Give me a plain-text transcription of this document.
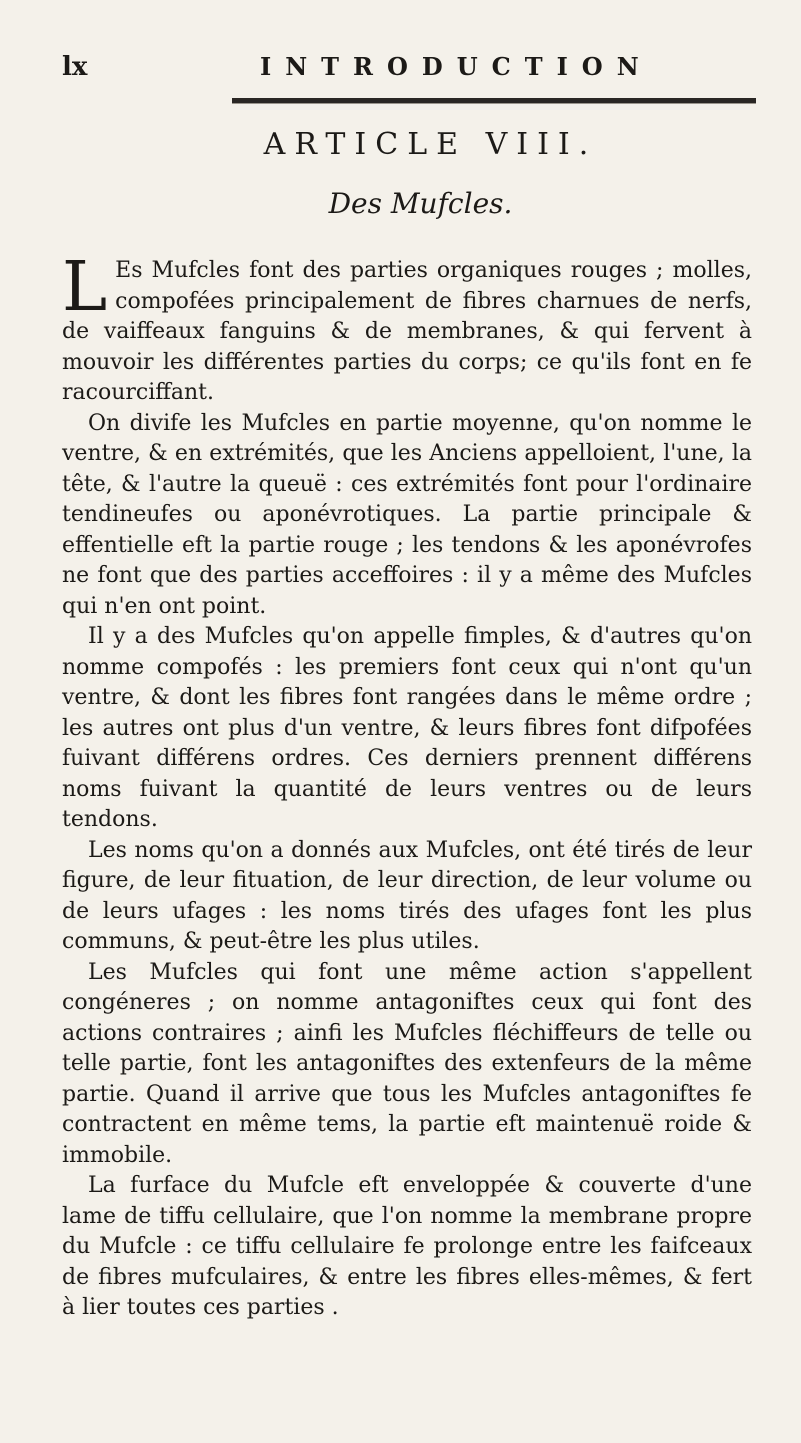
lx	INTRODUCTION
ARTICLE VIII.
Des Mufcles.

L Es Mufcles font des parties organiques rouges ; molles, compofées principalement de fibres charnues de nerfs, de vaiffeaux fanguins & de membranes, & qui fervent à mouvoir les différentes parties du corps; ce qu'ils font en fe racourciffant.

On divife les Mufcles en partie moyenne, qu'on nomme le ventre, & en extrémités, que les Anciens appelloient, l'une, la tête, & l'autre la queuë : ces extrémités font pour l'ordinaire tendineufes ou aponévrotiques. La partie principale & effentielle eft la partie rouge ; les tendons & les aponévrofes ne font que des parties acceffoires : il y a même des Mufcles qui n'en ont point.

Il y a des Mufcles qu'on appelle fimples, & d'autres qu'on nomme compofés : les premiers font ceux qui n'ont qu'un ventre, & dont les fibres font rangées dans le même ordre ; les autres ont plus d'un ventre, & leurs fibres font difpofées fuivant différens ordres. Ces derniers prennent différens noms fuivant la quantité de leurs ventres ou de leurs tendons.

Les noms qu'on a donnés aux Mufcles, ont été tirés de leur figure, de leur fituation, de leur direction, de leur volume ou de leurs ufages : les noms tirés des ufages font les plus communs, & peut-être les plus utiles.

Les Mufcles qui font une même action s'appellent congéneres ; on nomme antagoniftes ceux qui font des actions contraires ; ainfi les Mufcles fléchiffeurs de telle ou telle partie, font les antagoniftes des extenfeurs de la même partie. Quand il arrive que tous les Mufcles antagoniftes fe contractent en même tems, la partie eft maintenuë roide & immobile.

La furface du Mufcle eft enveloppée & couverte d'une lame de tiffu cellulaire, que l'on nomme la membrane propre du Mufcle : ce tiffu cellulaire fe prolonge entre les faifceaux de fibres mufculaires, & entre les fibres elles-mêmes, & fert à lier toutes ces parties .
